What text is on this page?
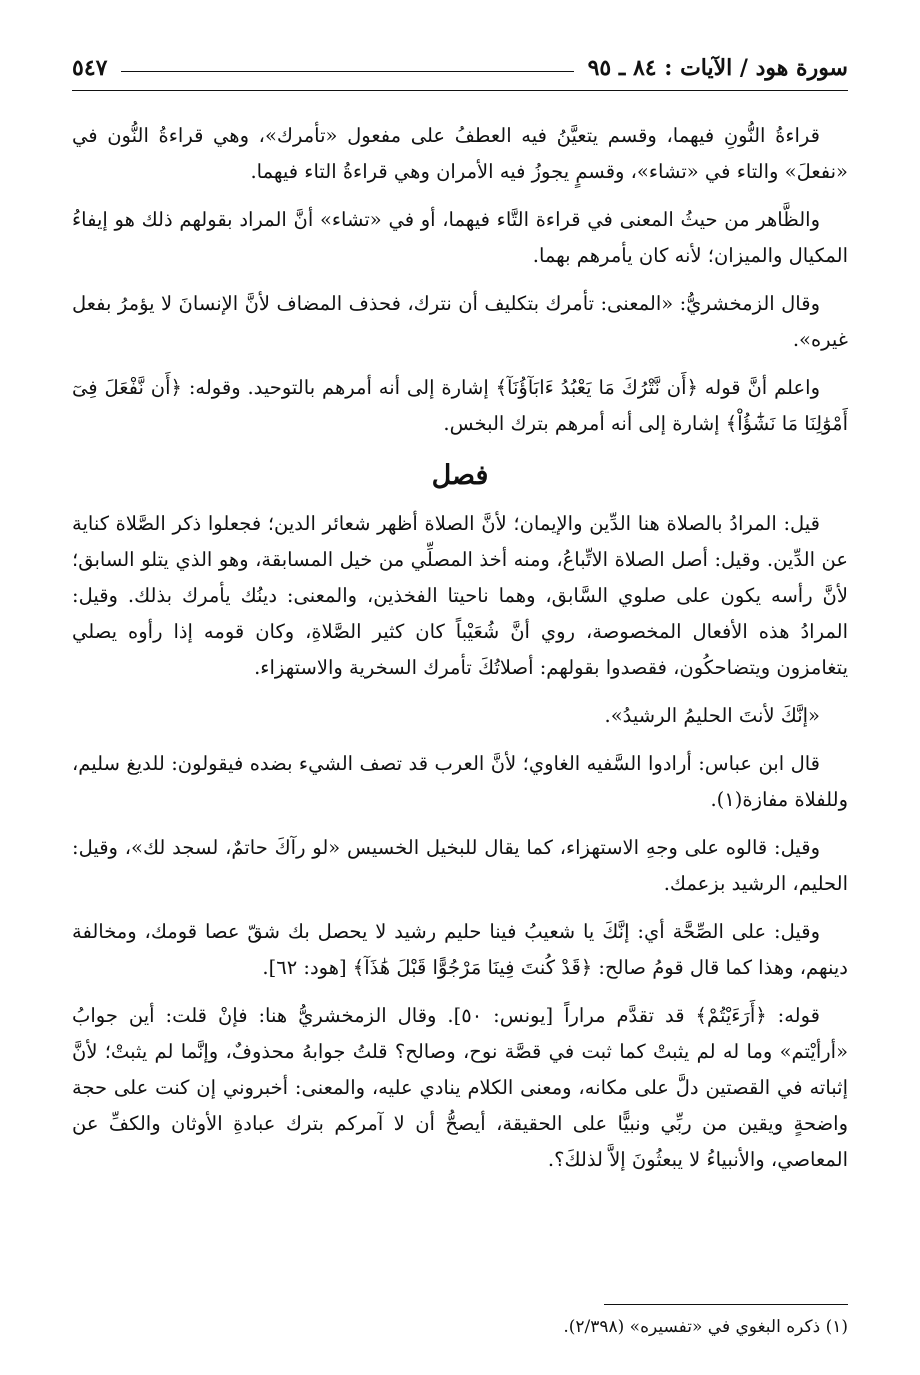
سورة هود / الآيات : ٨٤ ـ ٩٥
٥٤٧

قراءةُ النُّونِ فيهما، وقسم يتعيَّنُ فيه العطفُ على مفعول «تأمرك»، وهي قراءةُ النُّون في «نفعلَ» والتاء في «تشاء»، وقسمٍ يجوزُ فيه الأمران وهي قراءةُ التاء فيهما.

والظَّاهر من حيثُ المعنى في قراءة التَّاء فيهما، أو في «تشاء» أنَّ المراد بقولهم ذلك هو إيفاءُ المكيال والميزان؛ لأنه كان يأمرهم بهما.

وقال الزمخشريُّ: «المعنى: تأمرك بتكليف أن نترك، فحذف المضاف لأنَّ الإنسانَ لا يؤمرُ بفعل غيره».

واعلم أنَّ قوله ﴿أَن نَّتْرُكَ مَا يَعْبُدُ ءَابَآؤُنَآ﴾ إشارة إلى أنه أمرهم بالتوحيد. وقوله: ﴿أَن نَّفْعَلَ فِىٓ أَمْوَٰلِنَا مَا نَشَٰٓؤُاْ﴾ إشارة إلى أنه أمرهم بترك البخس.

فصل

قيل: المرادُ بالصلاة هنا الدِّين والإيمان؛ لأنَّ الصلاة أظهر شعائر الدين؛ فجعلوا ذكر الصَّلاة كناية عن الدِّين. وقيل: أصل الصلاة الاتِّباعُ، ومنه أخذ المصلِّي من خيل المسابقة، وهو الذي يتلو السابق؛ لأنَّ رأسه يكون على صلوي السَّابق، وهما ناحيتا الفخذين، والمعنى: دينُك يأمرك بذلك. وقيل: المرادُ هذه الأفعال المخصوصة، روي أنَّ شُعَيْباً كان كثير الصَّلاةِ، وكان قومه إذا رأوه يصلي يتغامزون ويتضاحكُون، فقصدوا بقولهم: أصلاتُكَ تأمرك السخرية والاستهزاء.

«إنَّكَ لأنتَ الحليمُ الرشيدُ».

قال ابن عباس: أرادوا السَّفيه الغاوي؛ لأنَّ العرب قد تصف الشيء بضده فيقولون: للديغ سليم، وللفلاة مفازة(١).

وقيل: قالوه على وجهِ الاستهزاء، كما يقال للبخيل الخسيس «لو رآكَ حاتمٌ، لسجد لك»، وقيل: الحليم، الرشيد بزعمك.

وقيل: على الصِّحَّة أي: إنَّكَ يا شعيبُ فينا حليم رشيد لا يحصل بك شقّ عصا قومك، ومخالفة دينهم، وهذا كما قال قومُ صالح: ﴿قَدْ كُنتَ فِينَا مَرْجُوًّا قَبْلَ هَٰذَآ﴾ [هود: ٦٢].

قوله: ﴿أَرَءَيْتُمْ﴾ قد تقدَّم مراراً [يونس: ٥٠]. وقال الزمخشريُّ هنا: فإنْ قلت: أين جوابُ «أرأيْتم» وما له لم يثبتْ كما ثبت في قصَّة نوح، وصالح؟ قلتُ جوابهُ محذوفٌ، وإنَّما لم يثبتْ؛ لأنَّ إثباته في القصتين دلَّ على مكانه، ومعنى الكلام ينادي عليه، والمعنى: أخبروني إن كنت على حجة واضحةٍ ويقين من ربِّي ونبيًّا على الحقيقة، أيصحُّ أن لا آمركم بترك عبادةِ الأوثان والكفِّ عن المعاصي، والأنبياءُ لا يبعثُونَ إلاَّ لذلكَ؟.

(١) ذكره البغوي في «تفسيره» (٢/٣٩٨).
